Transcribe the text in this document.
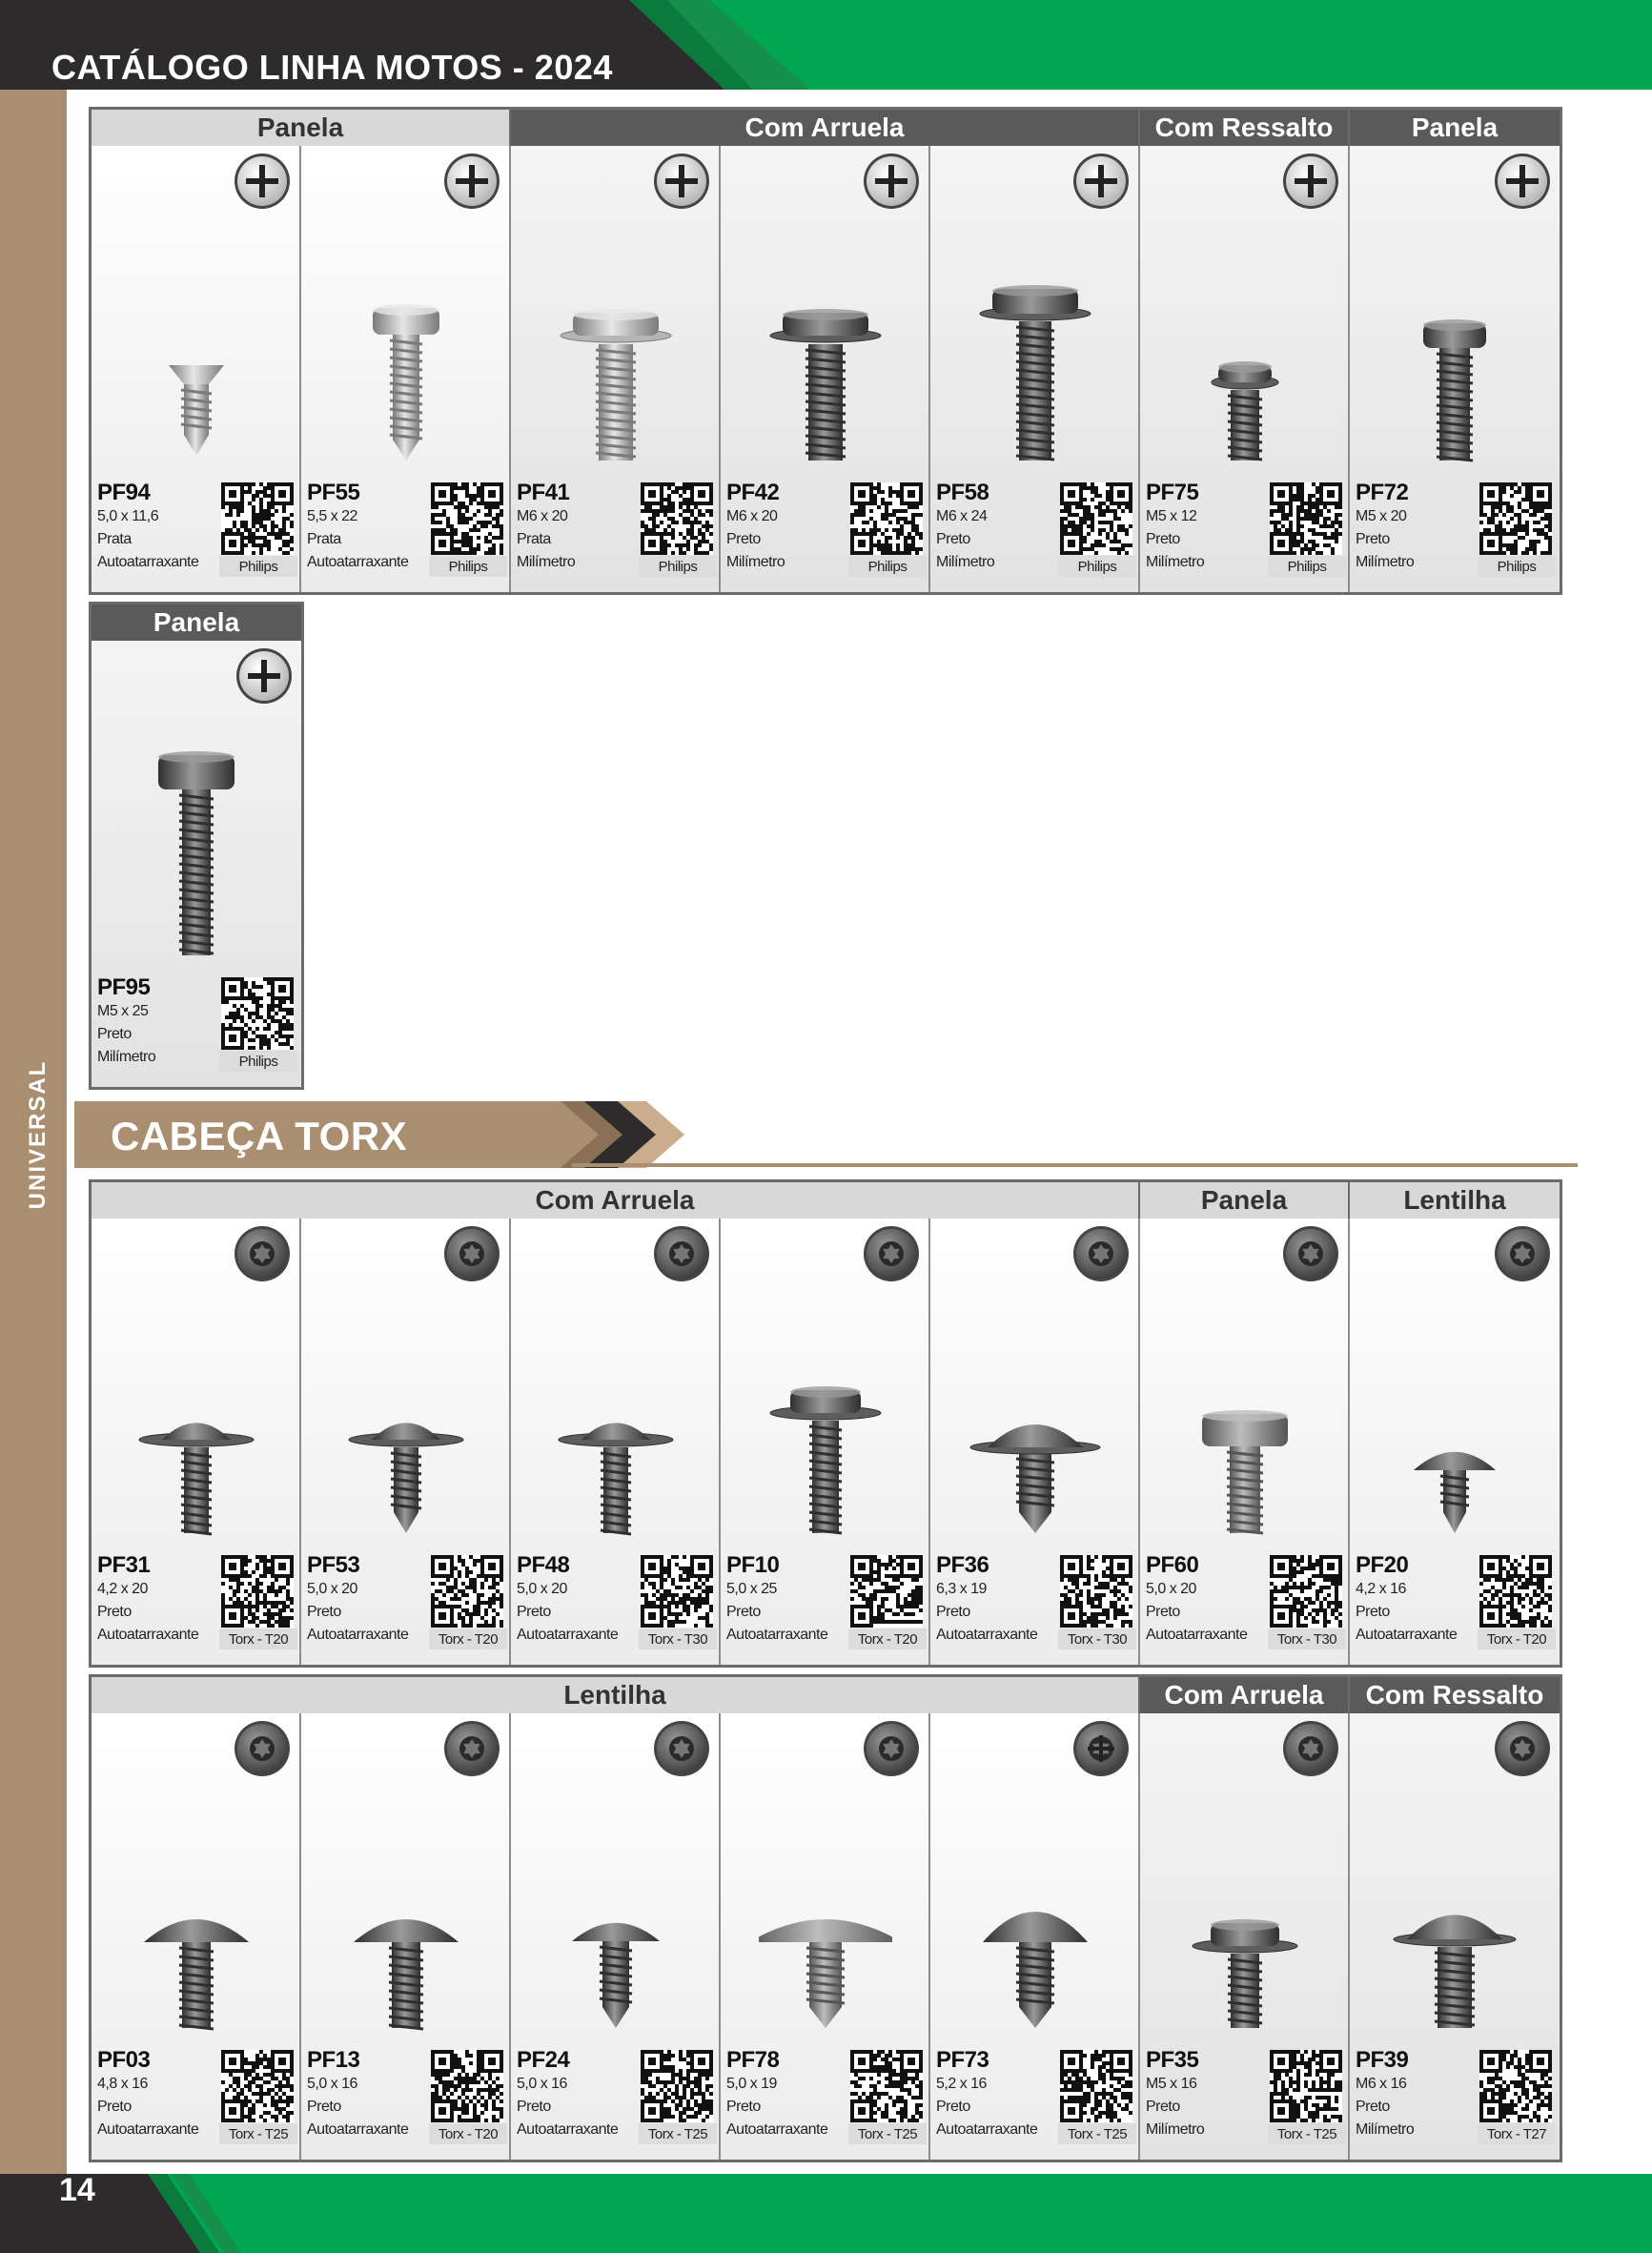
CATÁLOGO LINHA MOTOS - 2024
UNIVERSAL CABEÇA TORX
Panela	Com Arruela	Com Ressalto	Panela
PF94
5,0 x 11,6
Prata
Autoatarraxante	Philips
PF55
5,5 x 22
Prata
Autoatarraxante	Philips
PF41
M6 x 20
Prata
Milímetro	Philips
PF42
M6 x 20
Preto
Milímetro	Philips
PF58
M6 x 24
Preto
Milímetro	Philips
PF75
M5 x 12
Preto
Milímetro	Philips
PF72
M5 x 20
Preto
Milímetro	Philips
Panela
PF95
M5 x 25
Preto
Milímetro	Philips
Com Arruela	Panela	Lentilha
PF31
4,2 x 20
Preto
Autoatarraxante	Torx - T20
PF53
5,0 x 20
Preto
Autoatarraxante	Torx - T20
PF48
5,0 x 20
Preto
Autoatarraxante	Torx - T30
PF10
5,0 x 25
Preto
Autoatarraxante	Torx - T20
PF36
6,3 x 19
Preto
Autoatarraxante	Torx - T30
PF60
5,0 x 20
Preto
Autoatarraxante	Torx - T30
PF20
4,2 x 16
Preto
Autoatarraxante	Torx - T20
Lentilha	Com Arruela	Com Ressalto
PF03
4,8 x 16
Preto
Autoatarraxante	Torx - T25
PF13
5,0 x 16
Preto
Autoatarraxante	Torx - T20
PF24
5,0 x 16
Preto
Autoatarraxante	Torx - T25
PF78
5,0 x 19
Preto
Autoatarraxante	Torx - T25
PF73
5,2 x 16
Preto
Autoatarraxante	Torx - T25
PF35
M5 x 16
Preto
Milímetro	Torx - T25
PF39
M6 x 16
Preto
Milímetro	Torx - T27
14
